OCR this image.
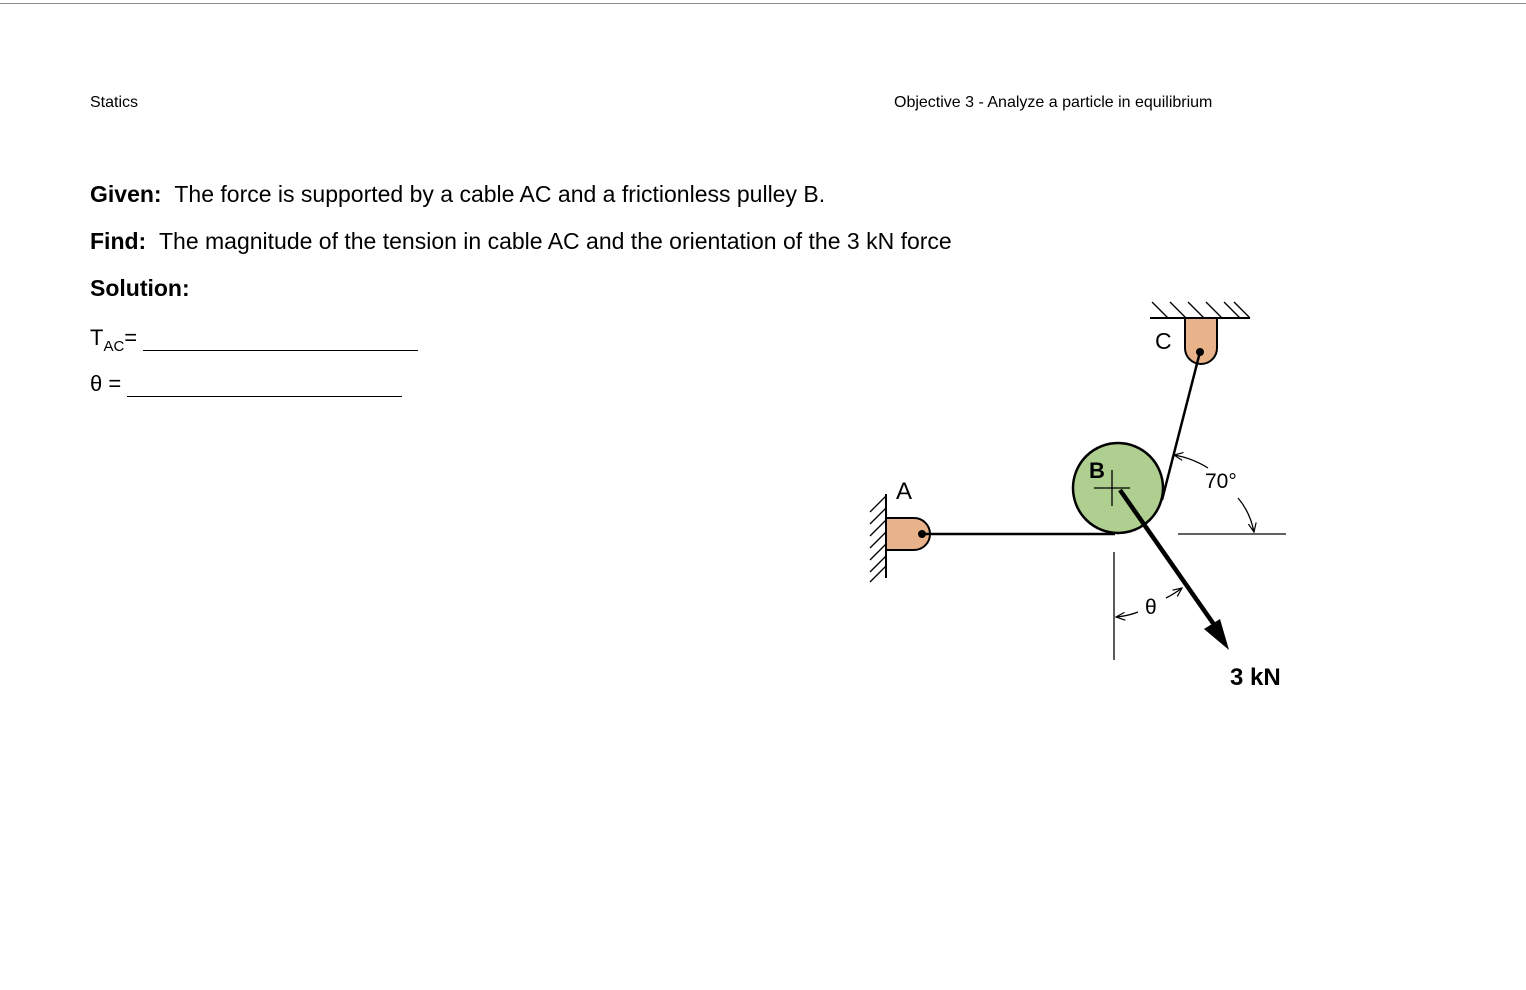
Statics	Objective 3 - Analyze a particle in equilibrium
Given: The force is supported by a cable AC and a frictionless pulley B.
Find: The magnitude of the tension in cable AC and the orientation of the 3 kN force
Solution:
$T_{AC}$ =
θ =
A
B
C
70°
θ
3 kN
